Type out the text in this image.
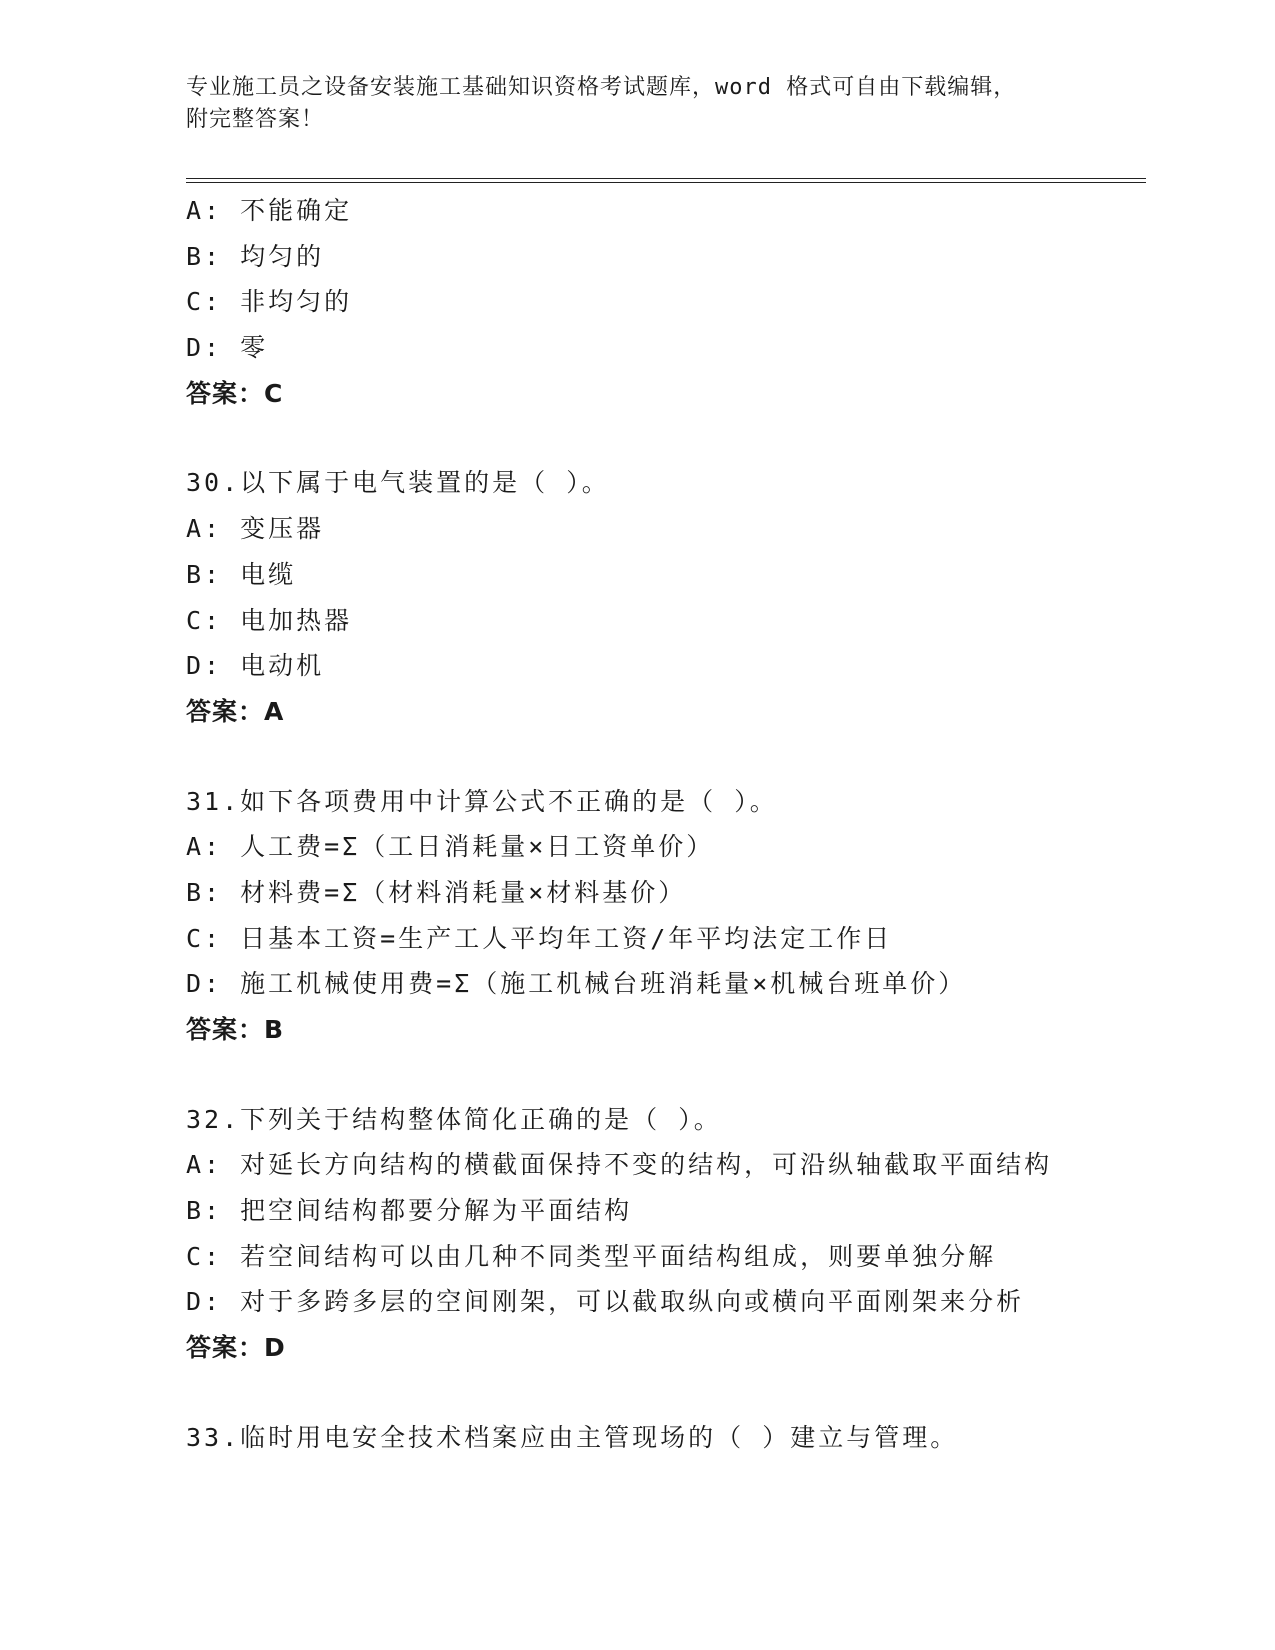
专业施工员之设备安装施工基础知识资格考试题库，word 格式可自由下载编辑，
附完整答案！
A: 不能确定
B: 均匀的
C: 非均匀的
D: 零
答案：C
30.以下属于电气装置的是（ ）。
A: 变压器
B: 电缆
C: 电加热器
D: 电动机
答案：A
31.如下各项费用中计算公式不正确的是（ ）。
A: 人工费=Σ（工日消耗量×日工资单价）
B: 材料费=Σ（材料消耗量×材料基价）
C: 日基本工资=生产工人平均年工资/年平均法定工作日
D: 施工机械使用费=Σ（施工机械台班消耗量×机械台班单价）
答案：B
32.下列关于结构整体简化正确的是（ ）。
A: 对延长方向结构的横截面保持不变的结构，可沿纵轴截取平面结构
B: 把空间结构都要分解为平面结构
C: 若空间结构可以由几种不同类型平面结构组成，则要单独分解
D: 对于多跨多层的空间刚架，可以截取纵向或横向平面刚架来分析
答案：D
33.临时用电安全技术档案应由主管现场的（ ）建立与管理。
